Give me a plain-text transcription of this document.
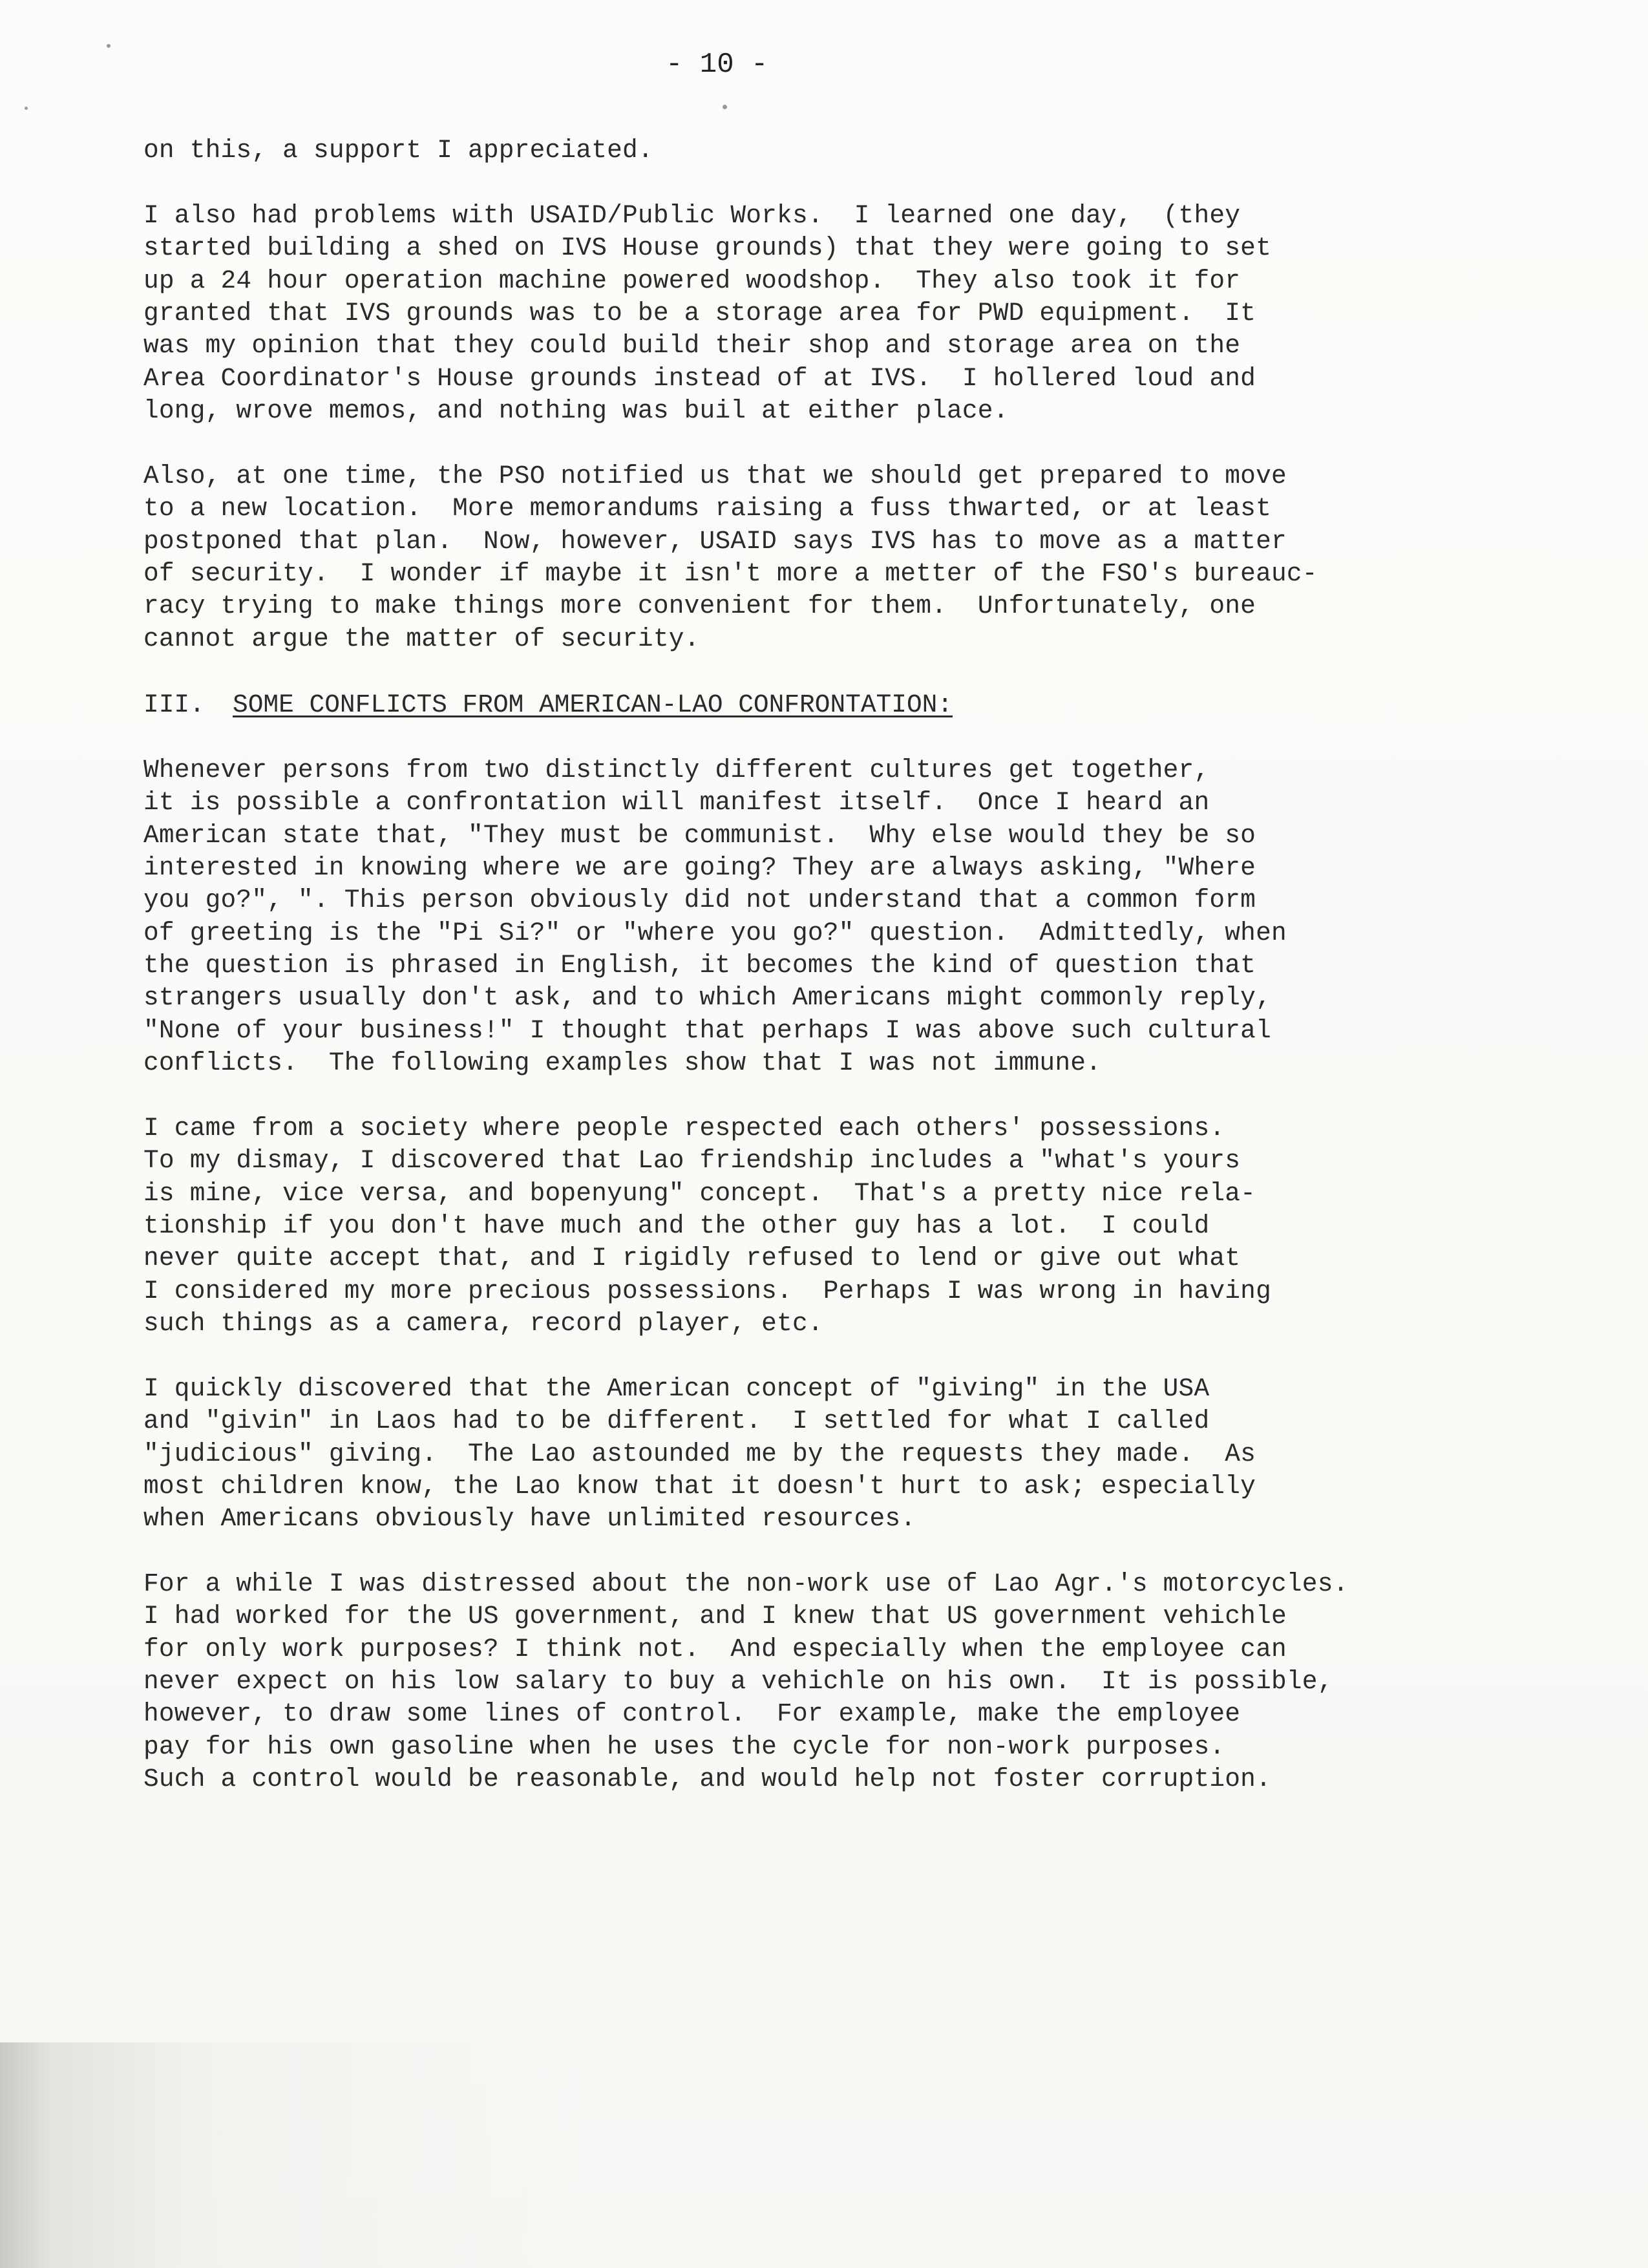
- 10 -
on this, a support I appreciated.
I also had problems with USAID/Public Works.  I learned one day,  (they
started building a shed on IVS House grounds) that they were going to set
up a 24 hour operation machine powered woodshop.  They also took it for
granted that IVS grounds was to be a storage area for PWD equipment.  It
was my opinion that they could build their shop and storage area on the
Area Coordinator's House grounds instead of at IVS.  I hollered loud and
long, wrove memos, and nothing was buil at either place.
Also, at one time, the PSO notified us that we should get prepared to move
to a new location.  More memorandums raising a fuss thwarted, or at least
postponed that plan.  Now, however, USAID says IVS has to move as a matter
of security.  I wonder if maybe it isn't more a metter of the FSO's bureauc-
racy trying to make things more convenient for them.  Unfortunately, one
cannot argue the matter of security.
III. SOME CONFLICTS FROM AMERICAN-LAO CONFRONTATION:
Whenever persons from two distinctly different cultures get together,
it is possible a confrontation will manifest itself.  Once I heard an
American state that, "They must be communist.  Why else would they be so
interested in knowing where we are going? They are always asking, "Where
you go?", ". This person obviously did not understand that a common form
of greeting is the "Pi Si?" or "where you go?" question.  Admittedly, when
the question is phrased in English, it becomes the kind of question that
strangers usually don't ask, and to which Americans might commonly reply,
"None of your business!" I thought that perhaps I was above such cultural
conflicts.  The following examples show that I was not immune.
I came from a society where people respected each others' possessions.
To my dismay, I discovered that Lao friendship includes a "what's yours
is mine, vice versa, and bopenyung" concept.  That's a pretty nice rela-
tionship if you don't have much and the other guy has a lot.  I could
never quite accept that, and I rigidly refused to lend or give out what
I considered my more precious possessions.  Perhaps I was wrong in having
such things as a camera, record player, etc.
I quickly discovered that the American concept of "giving" in the USA
and "givin" in Laos had to be different.  I settled for what I called
"judicious" giving.  The Lao astounded me by the requests they made.  As
most children know, the Lao know that it doesn't hurt to ask; especially
when Americans obviously have unlimited resources.
For a while I was distressed about the non-work use of Lao Agr.'s motorcycles.
I had worked for the US government, and I knew that US government vehichle
for only work purposes? I think not.  And especially when the employee can
never expect on his low salary to buy a vehichle on his own.  It is possible,
however, to draw some lines of control.  For example, make the employee
pay for his own gasoline when he uses the cycle for non-work purposes.
Such a control would be reasonable, and would help not foster corruption.
